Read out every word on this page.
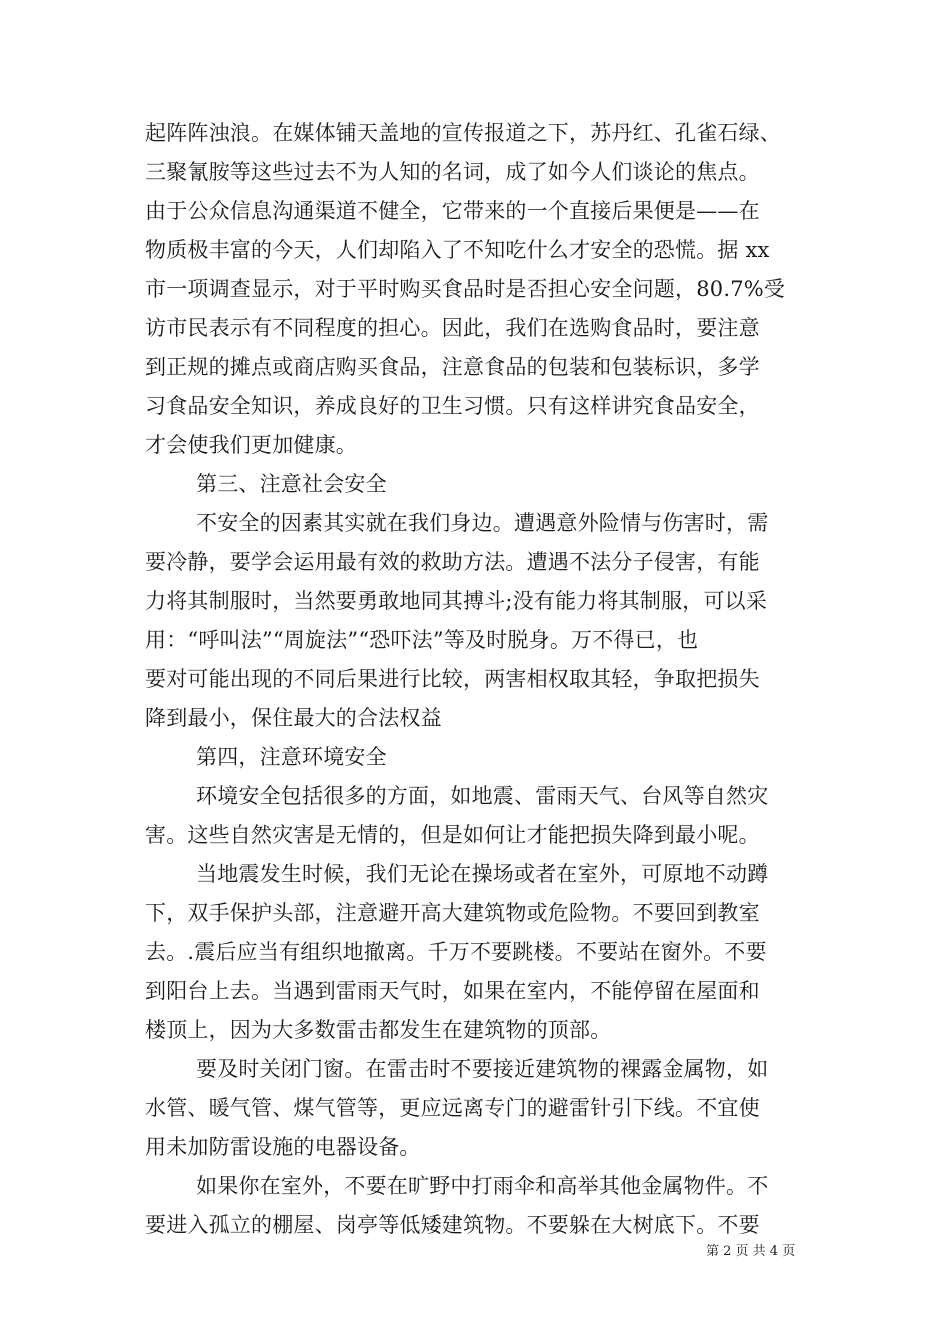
起阵阵浊浪。在媒体铺天盖地的宣传报道之下，苏丹红、孔雀石绿、
三聚氰胺等这些过去不为人知的名词，成了如今人们谈论的焦点。
由于公众信息沟通渠道不健全，它带来的一个直接后果便是——在
物质极丰富的今天，人们却陷入了不知吃什么才安全的恐慌。据 xx
市一项调查显示，对于平时购买食品时是否担心安全问题，80.7%受
访市民表示有不同程度的担心。因此，我们在选购食品时，要注意
到正规的摊点或商店购买食品，注意食品的包装和包装标识，多学
习食品安全知识，养成良好的卫生习惯。只有这样讲究食品安全，
才会使我们更加健康。
第三、注意社会安全
不安全的因素其实就在我们身边。遭遇意外险情与伤害时，需
要冷静，要学会运用最有效的救助方法。遭遇不法分子侵害，有能
力将其制服时，当然要勇敢地同其搏斗;没有能力将其制服，可以采
用：“呼叫法”“周旋法”“恐吓法”等及时脱身。万不得已，也
要对可能出现的不同后果进行比较，两害相权取其轻，争取把损失
降到最小，保住最大的合法权益
第四，注意环境安全
环境安全包括很多的方面，如地震、雷雨天气、台风等自然灾
害。这些自然灾害是无情的，但是如何让才能把损失降到最小呢。
当地震发生时候，我们无论在操场或者在室外，可原地不动蹲
下，双手保护头部，注意避开高大建筑物或危险物。不要回到教室
去。.震后应当有组织地撤离。千万不要跳楼。不要站在窗外。不要
到阳台上去。当遇到雷雨天气时，如果在室内，不能停留在屋面和
楼顶上，因为大多数雷击都发生在建筑物的顶部。
要及时关闭门窗。在雷击时不要接近建筑物的裸露金属物，如
水管、暖气管、煤气管等，更应远离专门的避雷针引下线。不宜使
用未加防雷设施的电器设备。
如果你在室外，不要在旷野中打雨伞和高举其他金属物件。不
要进入孤立的棚屋、岗亭等低矮建筑物。不要躲在大树底下。不要
第 2 页 共 4 页
